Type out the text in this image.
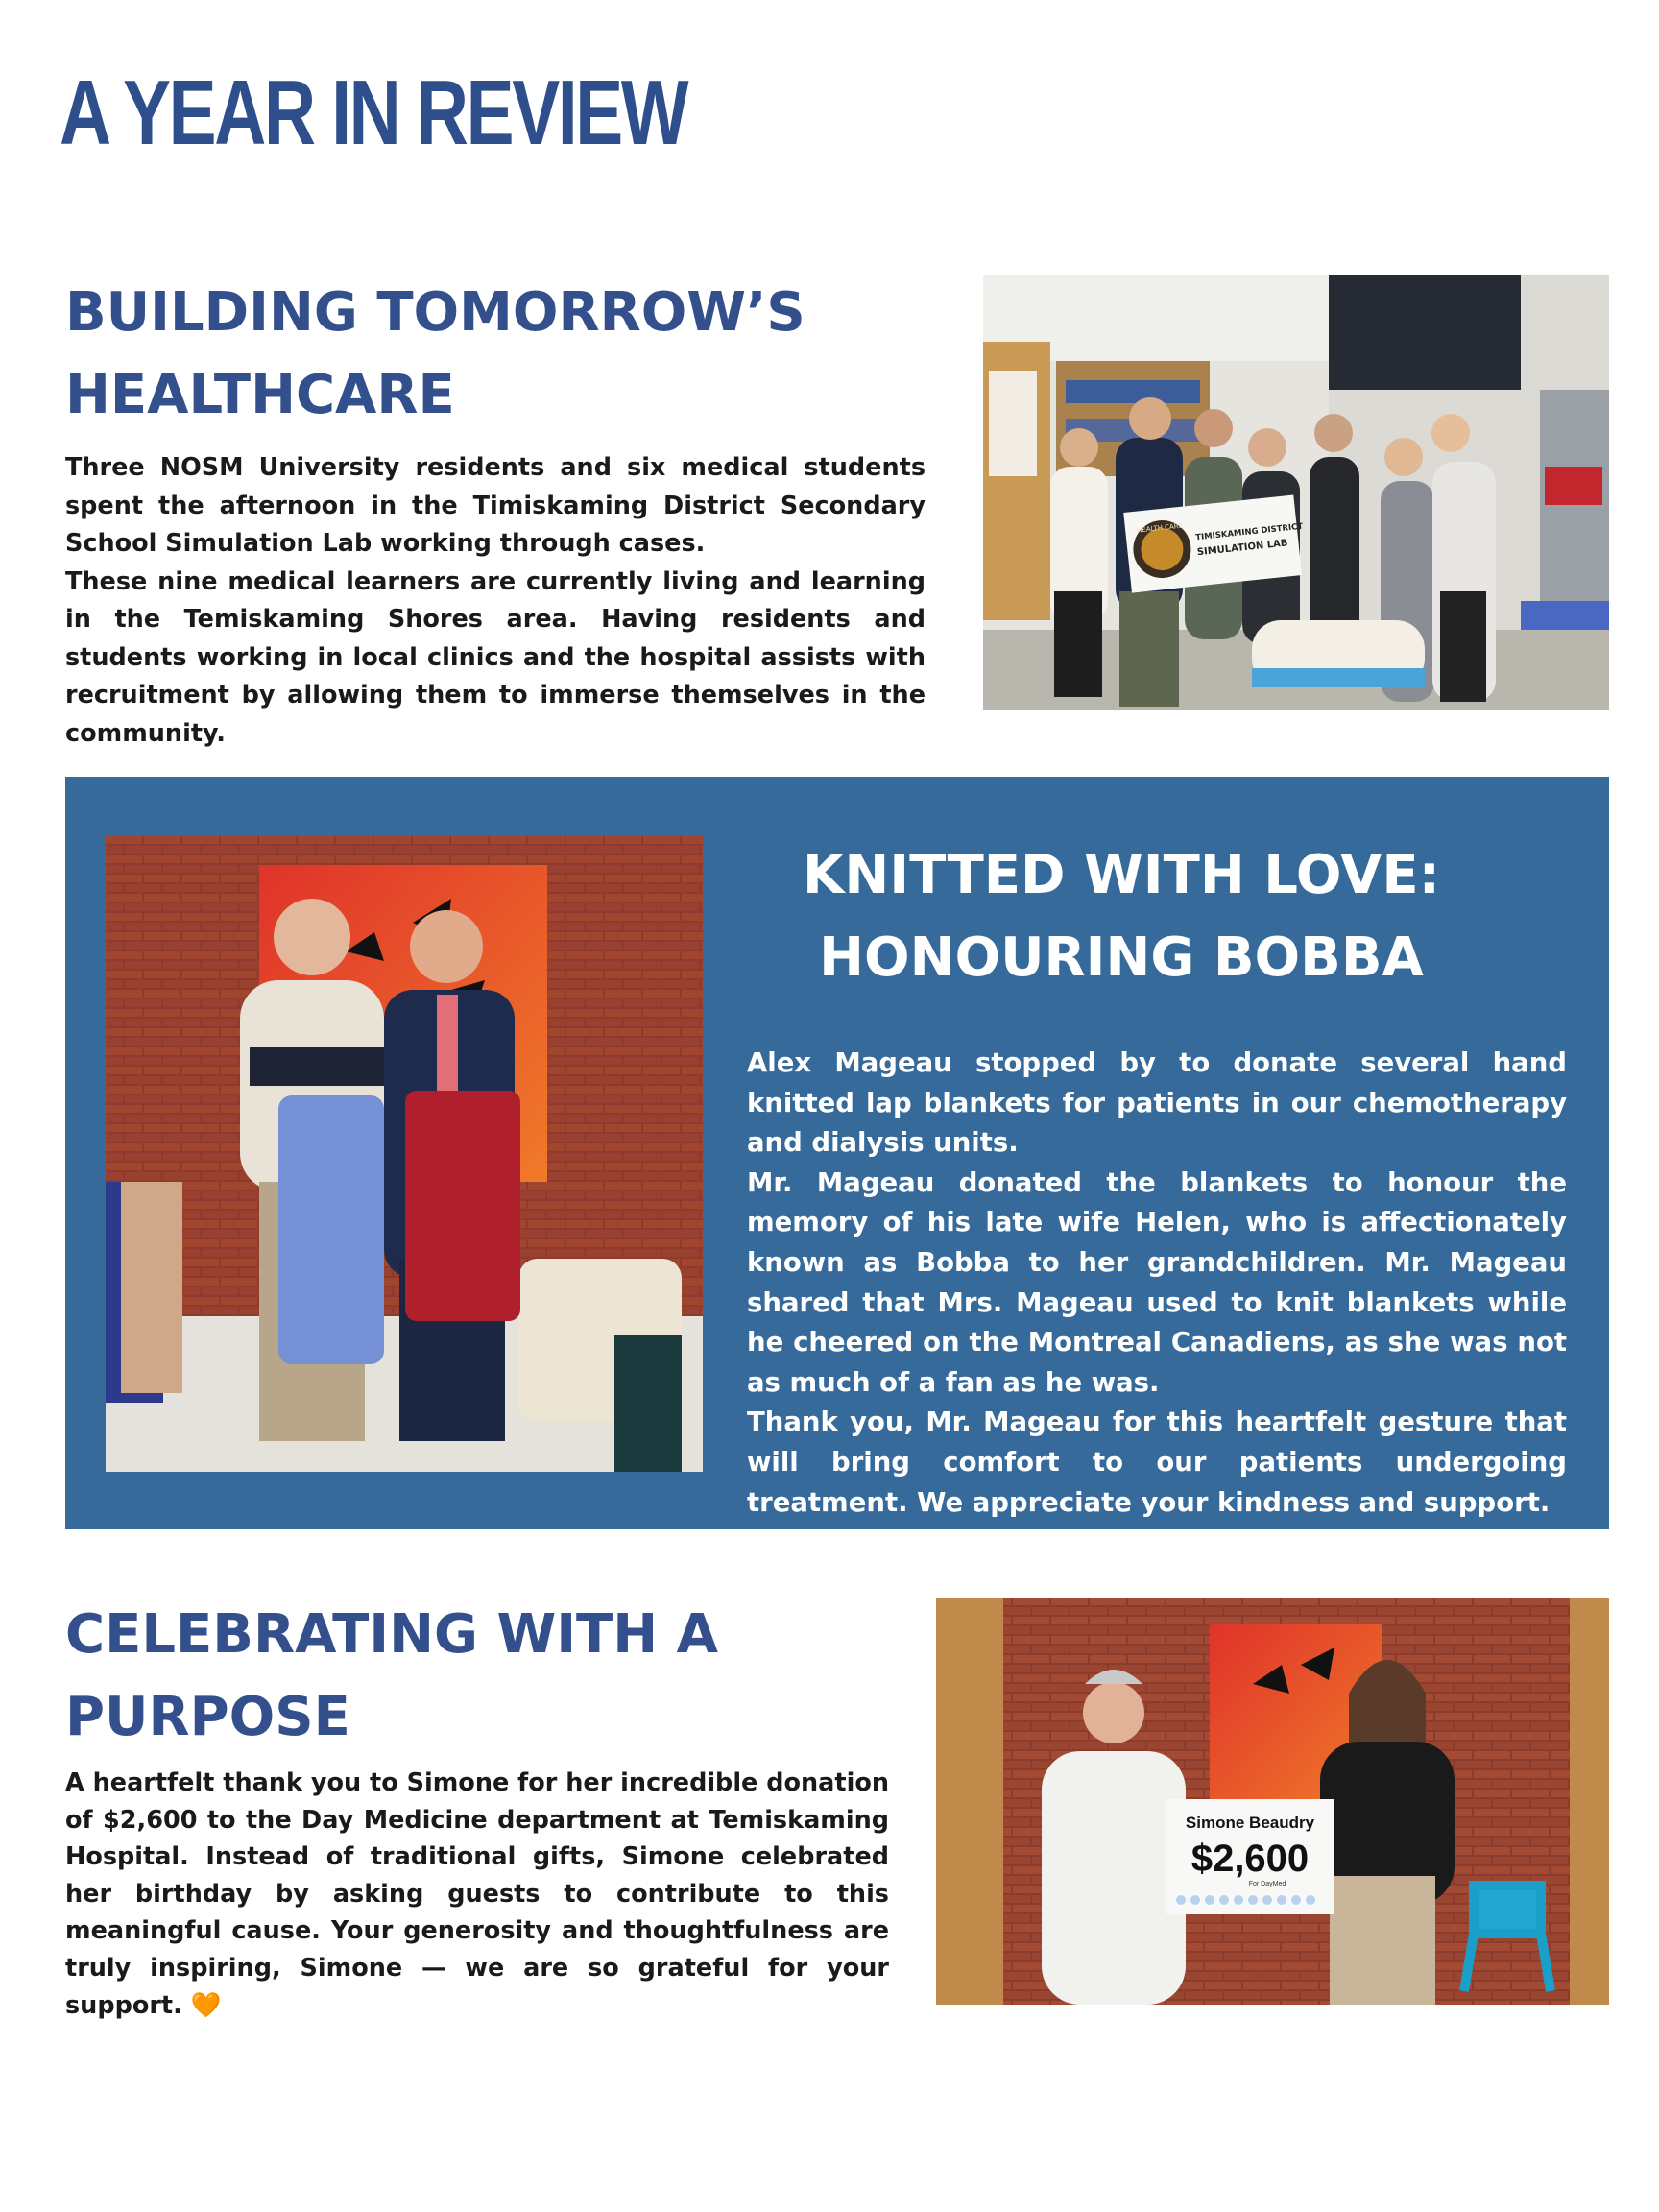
A YEAR IN REVIEW

BUILDING TOMORROW’S

HEALTHCARE

Three NOSM University residents and six medical students spent the afternoon in the Timiskaming District Secondary School Simulation Lab working through cases.

These nine medical learners are currently living and learning in the Temiskaming Shores area. Having residents and students working in local clinics and the hospital assists with recruitment by allowing them to immerse themselves in the community.

HEALTH CARE TIMISKAMING DISTRICT
SIMULATION LAB
KNITTED WITH LOVE:
HONOURING BOBBA

Alex Mageau stopped by to donate several hand knitted lap blankets for patients in our chemotherapy and dialysis units.

Mr. Mageau donated the blankets to honour the memory of his late wife Helen, who is affectionately known as Bobba to her grandchildren. Mr. Mageau shared that Mrs. Mageau used to knit blankets while he cheered on the Montreal Canadiens, as she was not as much of a fan as he was.

Thank you, Mr. Mageau for this heartfelt gesture that will bring comfort to our patients undergoing treatment. We appreciate your kindness and support.

CELEBRATING WITH A

PURPOSE

A heartfelt thank you to Simone for her incredible donation of $2,600 to the Day Medicine department at Temiskaming Hospital. Instead of traditional gifts, Simone celebrated her birthday by asking guests to contribute to this meaningful cause. Your generosity and thoughtfulness are truly inspiring, Simone — we are so grateful for your support. 🧡

Simone Beaudry
$2,600
For DayMed
